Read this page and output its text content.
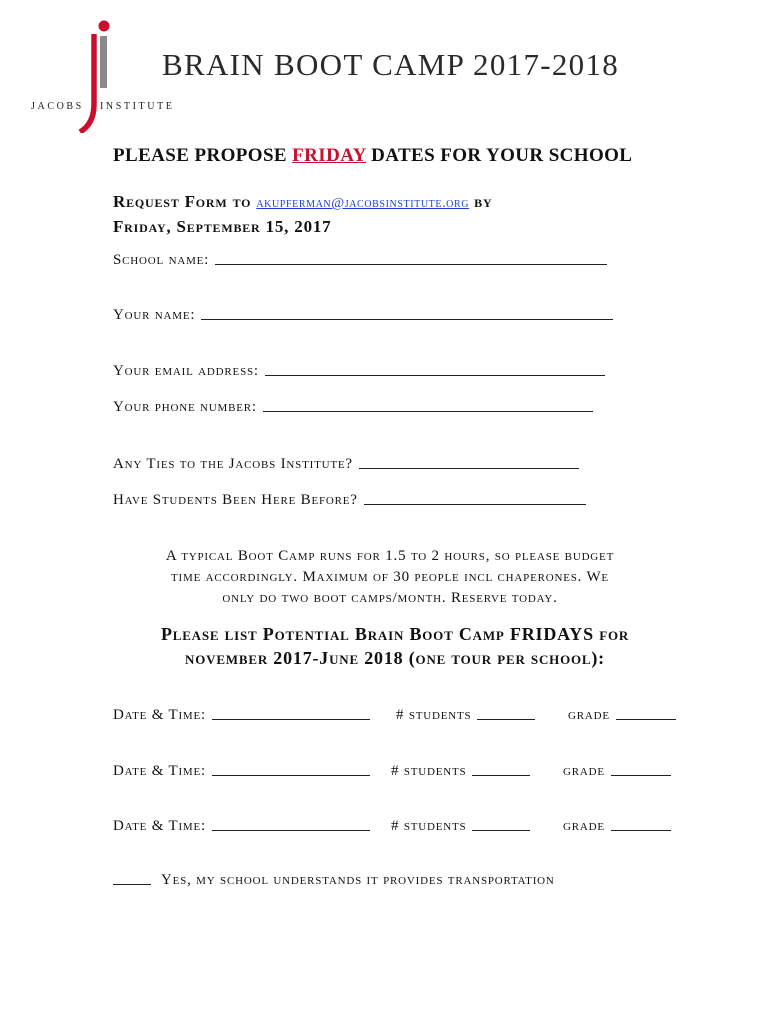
JACOBS INSTITUTE
BRAIN BOOT CAMP 2017-2018
PLEASE PROPOSE FRIDAY DATES FOR YOUR SCHOOL
Request Form to akupferman@jacobsinstitute.org by
Friday, September 15, 2017
School name:
Your name:
Your email address:
Your phone number:
Any Ties to the Jacobs Institute?
Have Students Been Here Before?
A typical Boot Camp runs for 1.5 to 2 hours, so please budget
time accordingly. Maximum of 30 people incl chaperones. We
only do two boot camps/month. Reserve today.
Please list Potential Brain Boot Camp FRIDAYS for
november 2017-June 2018 (one tour per school):
Date & Time:	# students	grade
Date & Time:	# students	grade
Date & Time:	# students	grade
Yes, my school understands it provides transportation
